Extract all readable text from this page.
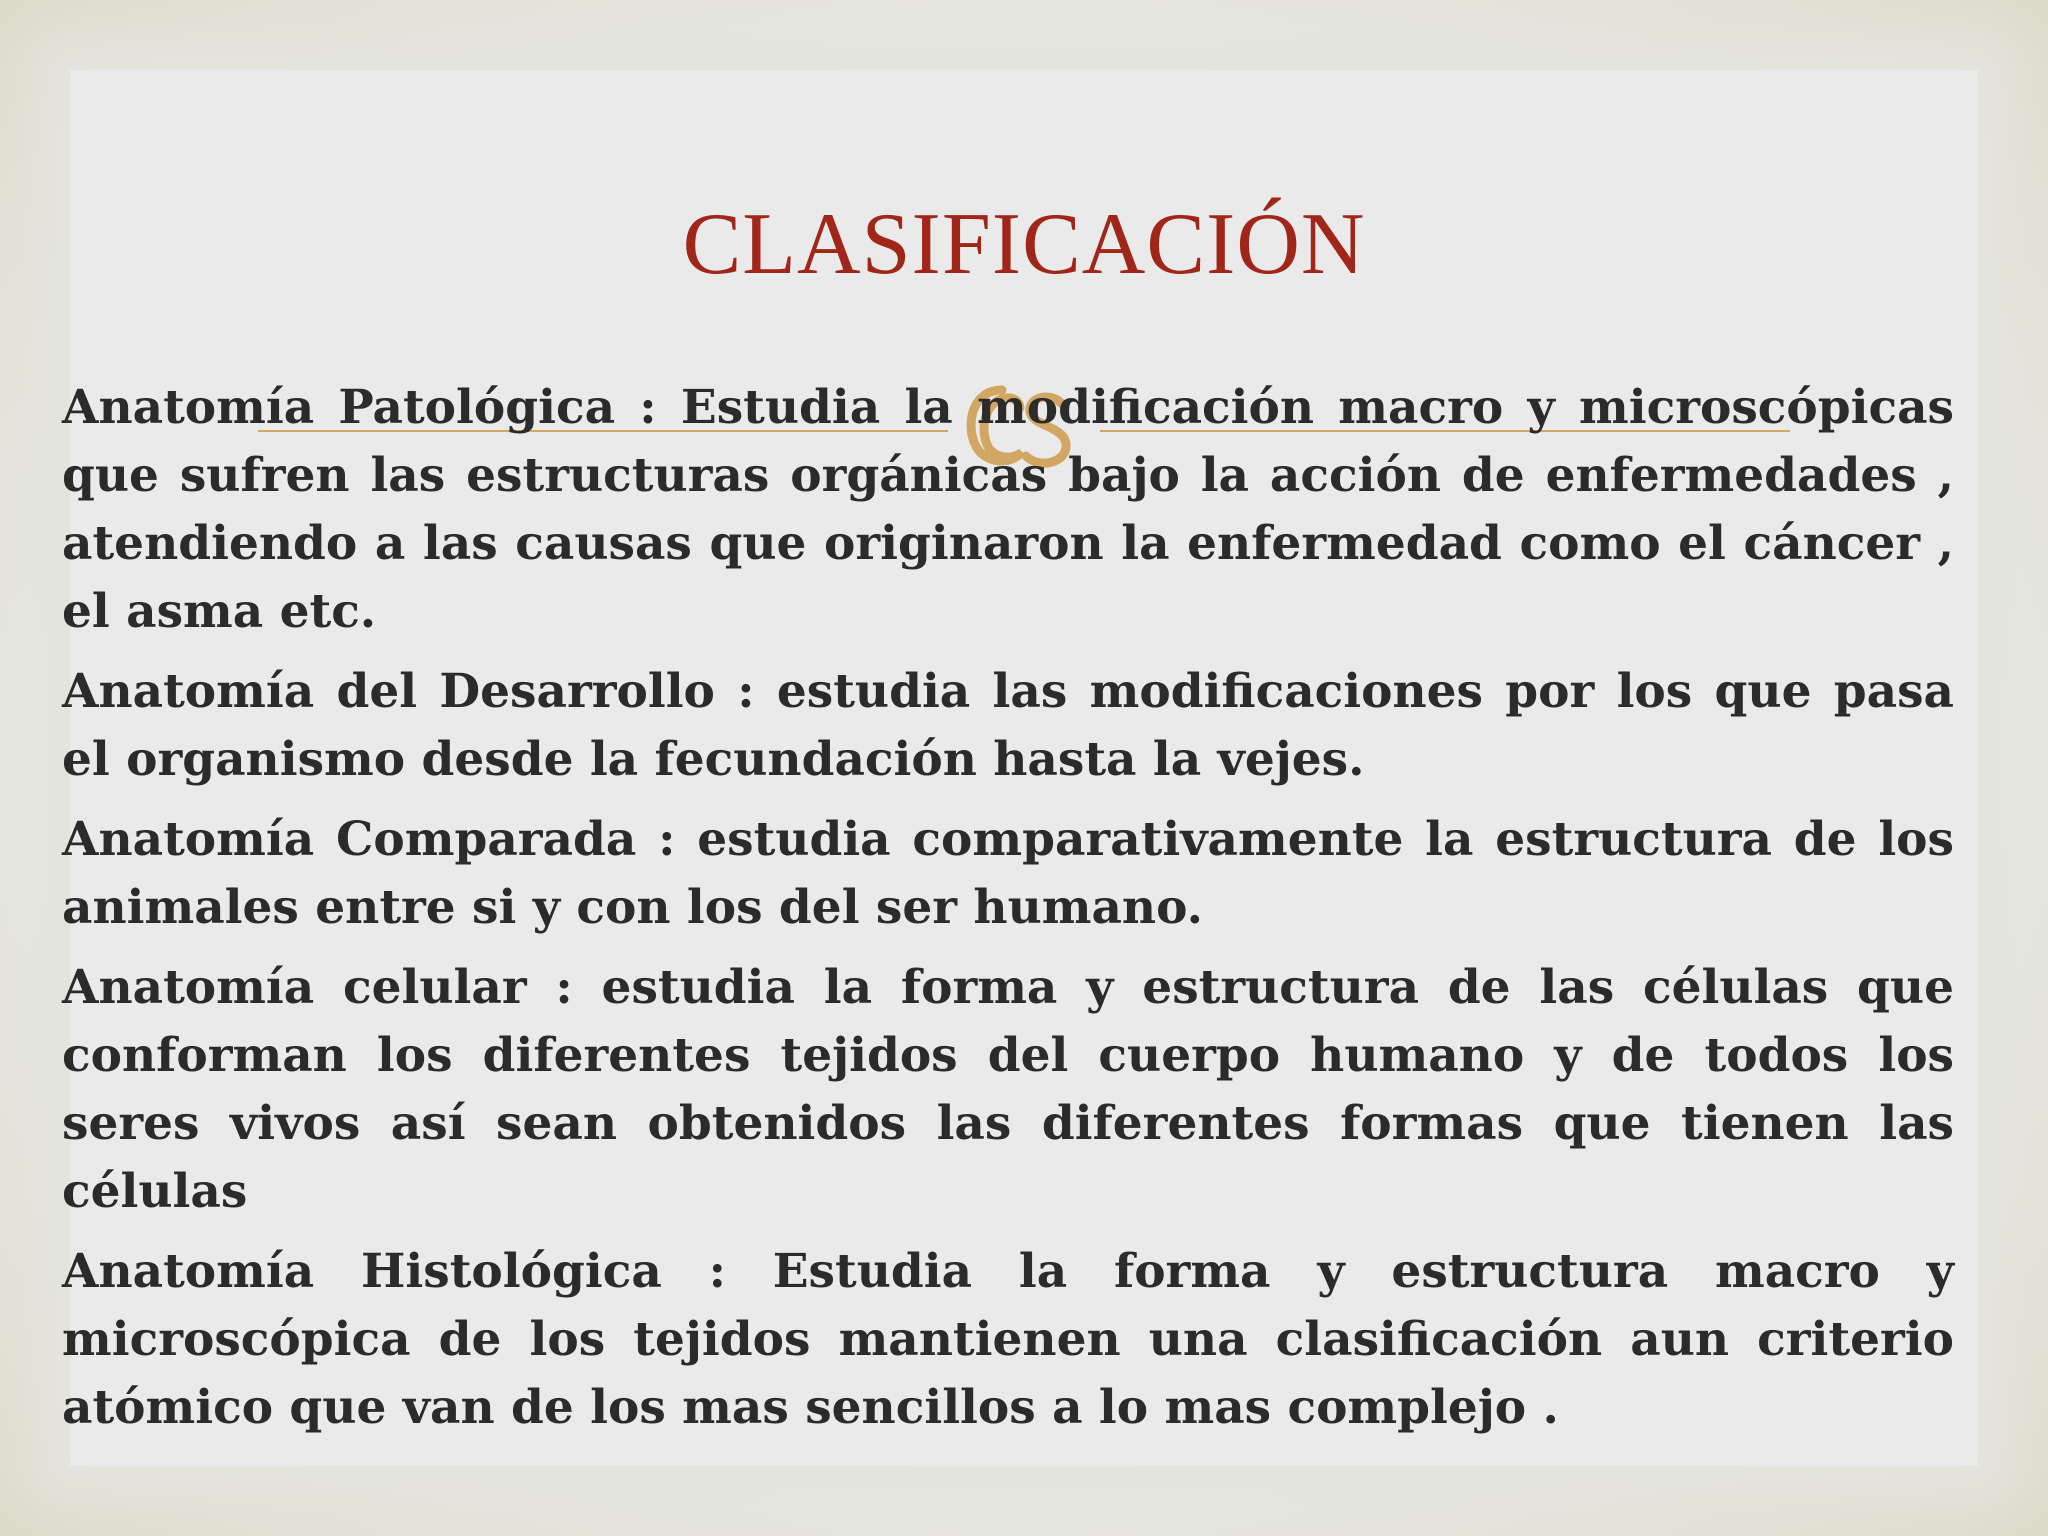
CLASIFICACIÓN

Anatomía Patológica : Estudia la modificación macro y microscópicas que sufren las estructuras orgánicas bajo la acción de enfermedades , atendiendo a las causas que originaron la enfermedad como el cáncer , el asma etc.

Anatomía del Desarrollo : estudia las modificaciones por los que pasa el organismo desde la fecundación hasta la vejes.

Anatomía Comparada : estudia comparativamente la estructura de los animales entre si y con los del ser humano.

Anatomía celular : estudia la forma y estructura de las células que conforman los diferentes tejidos del cuerpo humano y de todos los seres vivos así sean obtenidos las diferentes formas que tienen las células

Anatomía Histológica : Estudia la forma y estructura macro y microscópica de los tejidos mantienen una clasificación aun criterio atómico que van de los mas sencillos a lo mas complejo .
